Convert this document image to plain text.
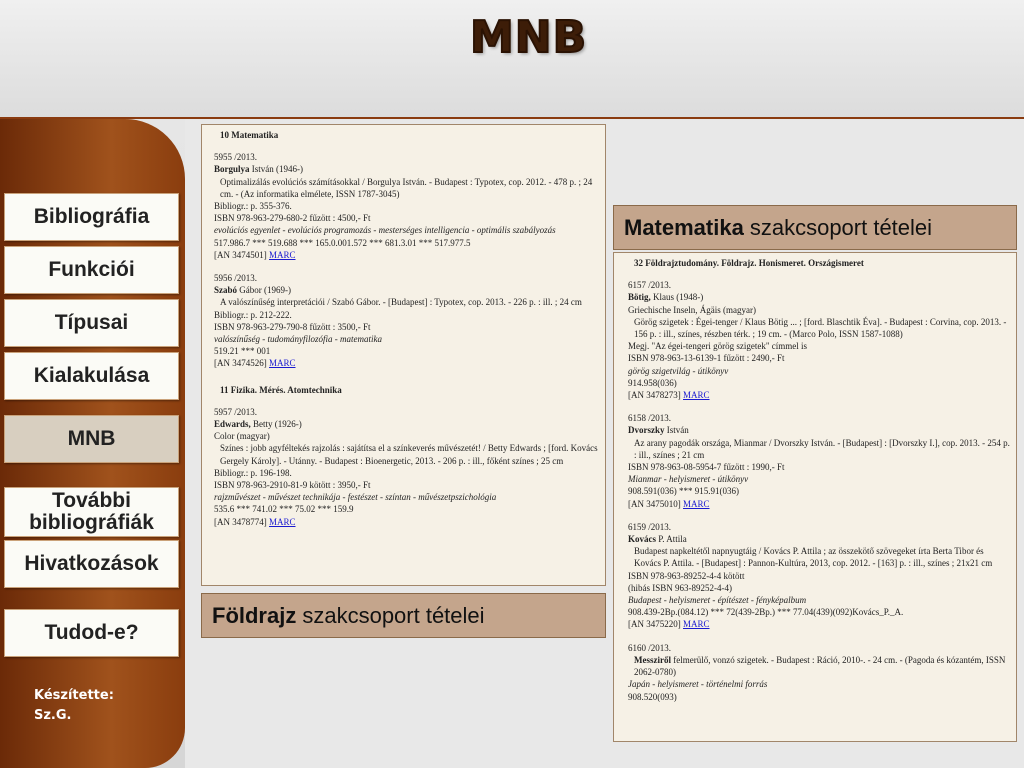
MNB
Bibliográfia
Funkciói
Típusai
Kialakulása
MNB
További bibliográfiák
Hivatkozások
Tudod-e?
Készítette:
Sz.G.
10 Matematika
5955 /2013.
Borgulya István (1946-)
Optimalizálás evolúciós számításokkal / Borgulya István. - Budapest : Typotex, cop. 2012. - 478 p. ; 24 cm. - (Az informatika elmélete, ISSN 1787-3045)
Bibliogr.: p. 355-376.
ISBN 978-963-279-680-2 fűzött : 4500,- Ft
evolúciós egyenlet - evolúciós programozás - mesterséges intelligencia - optimális szabályozás
517.986.7 *** 519.688 *** 165.0.001.572 *** 681.3.01 *** 517.977.5
[AN 3474501] MARC
5956 /2013.
Szabó Gábor (1969-)
A valószínűség interpretációi / Szabó Gábor. - [Budapest] : Typotex, cop. 2013. - 226 p. : ill. ; 24 cm
Bibliogr.: p. 212-222.
ISBN 978-963-279-790-8 fűzött : 3500,- Ft
valószínűség - tudományfilozófia - matematika
519.21 *** 001
[AN 3474526] MARC
11 Fizika. Mérés. Atomtechnika
5957 /2013.
Edwards, Betty (1926-)
Color (magyar)
Színes : jobb agyféltekés rajzolás : sajátítsa el a színkeverés művészetét! / Betty Edwards ; [ford. Kovács Gergely Károly]. - Utánny. - Budapest : Bioenergetic, 2013. - 206 p. : ill., főként színes ; 25 cm
Bibliogr.: p. 196-198.
ISBN 978-963-2910-81-9 kötött : 3950,- Ft
rajzművészet - művészet technikája - festészet - színtan - művészetpszichológia
535.6 *** 741.02 *** 75.02 *** 159.9
[AN 3478774] MARC
Földrajz szakcsoport tételei
Matematika szakcsoport tételei
32 Földrajztudomány. Földrajz. Honismeret. Országismeret
6157 /2013.
Bötig, Klaus (1948-)
Griechische Inseln, Ágäis (magyar)
Görög szigetek : Égei-tenger / Klaus Bötig ... ; [ford. Blaschtik Éva]. - Budapest : Corvina, cop. 2013. - 156 p. : ill., színes, részben térk. ; 19 cm. - (Marco Polo, ISSN 1587-1088)
Megj. "Az égei-tengeri görög szigetek" címmel is
ISBN 978-963-13-6139-1 fűzött : 2490,- Ft
görög szigetvilág - útikönyv
914.958(036)
[AN 3478273] MARC
6158 /2013.
Dvorszky István
Az arany pagodák országa, Mianmar / Dvorszky István. - [Budapest] : [Dvorszky I.], cop. 2013. - 254 p. : ill., színes ; 21 cm
ISBN 978-963-08-5954-7 fűzött : 1990,- Ft
Mianmar - helyismeret - útikönyv
908.591(036) *** 915.91(036)
[AN 3475010] MARC
6159 /2013.
Kovács P. Attila
Budapest napkeltétől napnyugtáig / Kovács P. Attila ; az összekötő szövegeket írta Berta Tibor és Kovács P. Attila. - [Budapest] : Pannon-Kultúra, 2013, cop. 2012. - [163] p. : ill., színes ; 21x21 cm
ISBN 978-963-89252-4-4 kötött
(hibás ISBN 963-89252-4-4)
Budapest - helyismeret - építészet - fényképalbum
908.439-2Bp.(084.12) *** 72(439-2Bp.) *** 77.04(439)(092)Kovács_P._A.
[AN 3475220] MARC
6160 /2013.
Messziről felmerülő, vonzó szigetek. - Budapest : Ráció, 2010-. - 24 cm. - (Pagoda és kózantém, ISSN 2062-0780)
Japán - helyismeret - történelmi forrás
908.520(093)
